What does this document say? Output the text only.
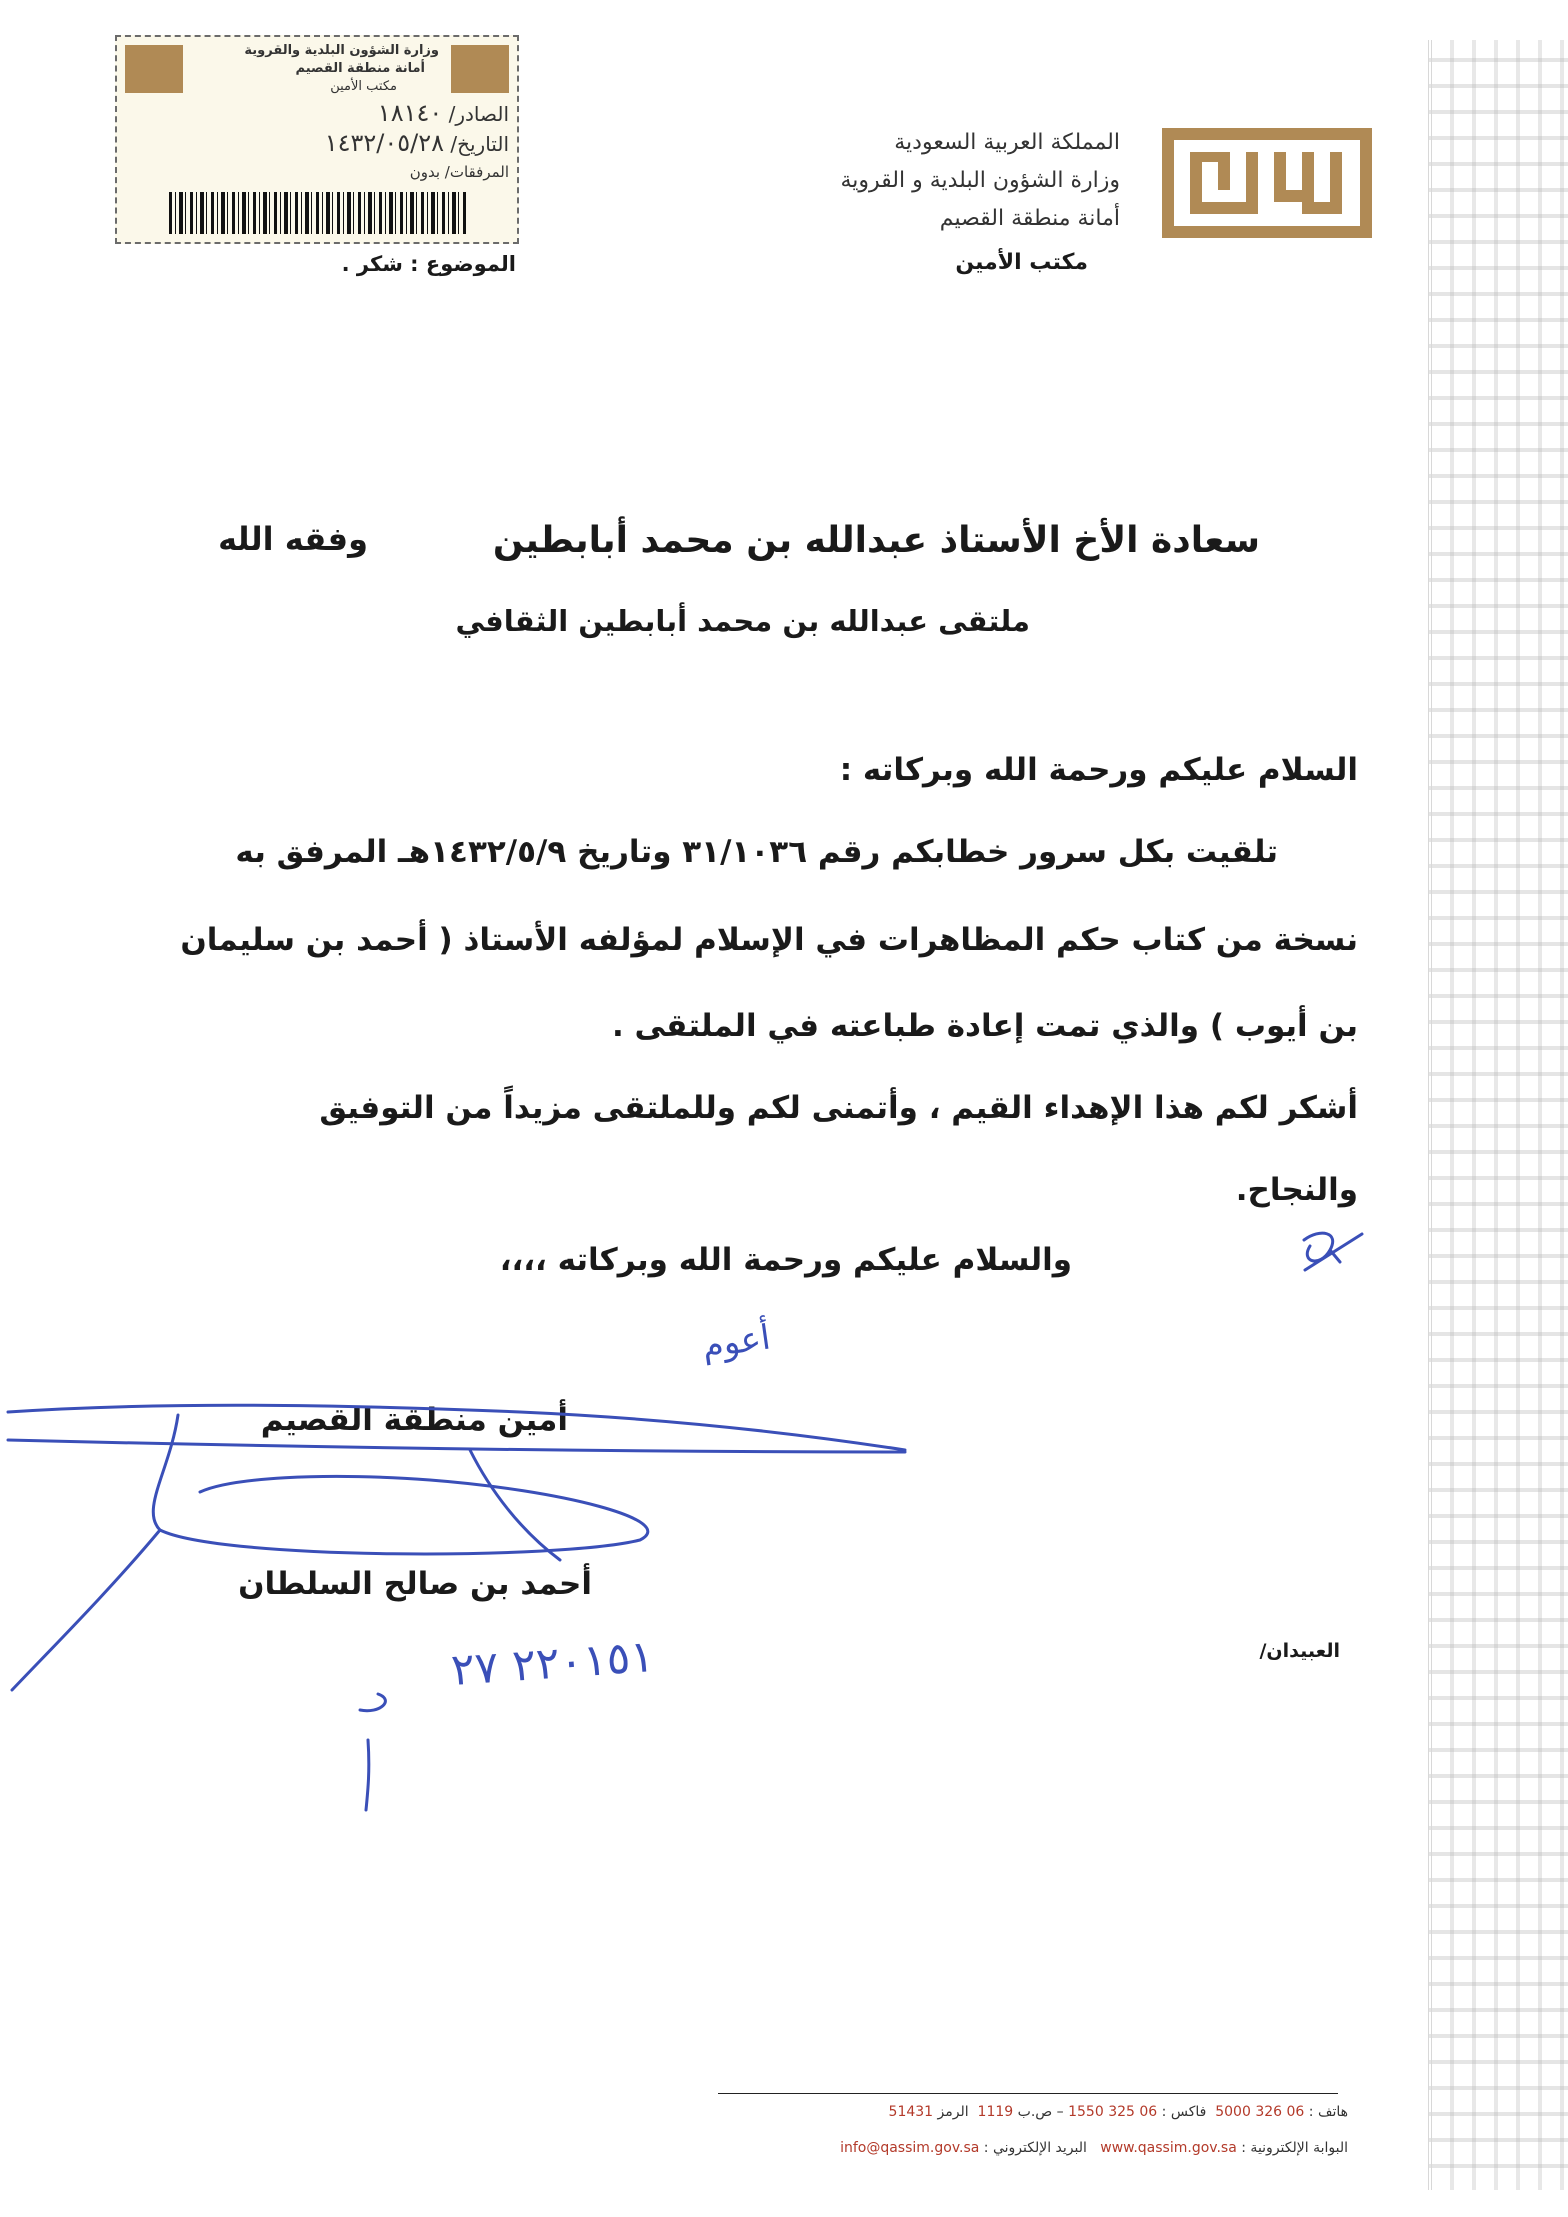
وزارة الشؤون البلدية والقروية
أمانة منطقة القصيم
مكتب الأمين
الصادر/ ١٨١٤٠
التاريخ/ ١٤٣٢/٠٥/٢٨
المرفقات/ بدون
المملكة العربية السعودية
وزارة الشؤون البلدية و القروية
أمانة منطقة القصيم
مكتب الأمين
الموضوع : شكر .
سعادة الأخ الأستاذ عبدالله بن محمد أبابطين
وفقه الله
ملتقى عبدالله بن محمد أبابطين الثقافي
السلام عليكم ورحمة الله وبركاته :
تلقيت بكل سرور خطابكم رقم ٣١/١٠٣٦ وتاريخ ١٤٣٢/٥/٩هـ المرفق به
نسخة من كتاب حكم المظاهرات في الإسلام لمؤلفه الأستاذ ( أحمد بن سليمان
بن أيوب ) والذي تمت إعادة طباعته في الملتقى .
أشكر لكم هذا الإهداء القيم ، وأتمنى لكم وللملتقى مزيداً من التوفيق
والنجاح.
والسلام عليكم ورحمة الله وبركاته ،،،،
أمين منطقة القصيم
أحمد بن صالح السلطان
العبيدان/
أعوم
٢٢٠١٥١ ٢٧
هاتف : 06 326 5000  فاكس : 06 325 1550 – ص.ب 1119  الرمز 51431
البوابة الإلكترونية : www.qassim.gov.sa   البريد الإلكتروني : info@qassim.gov.sa
